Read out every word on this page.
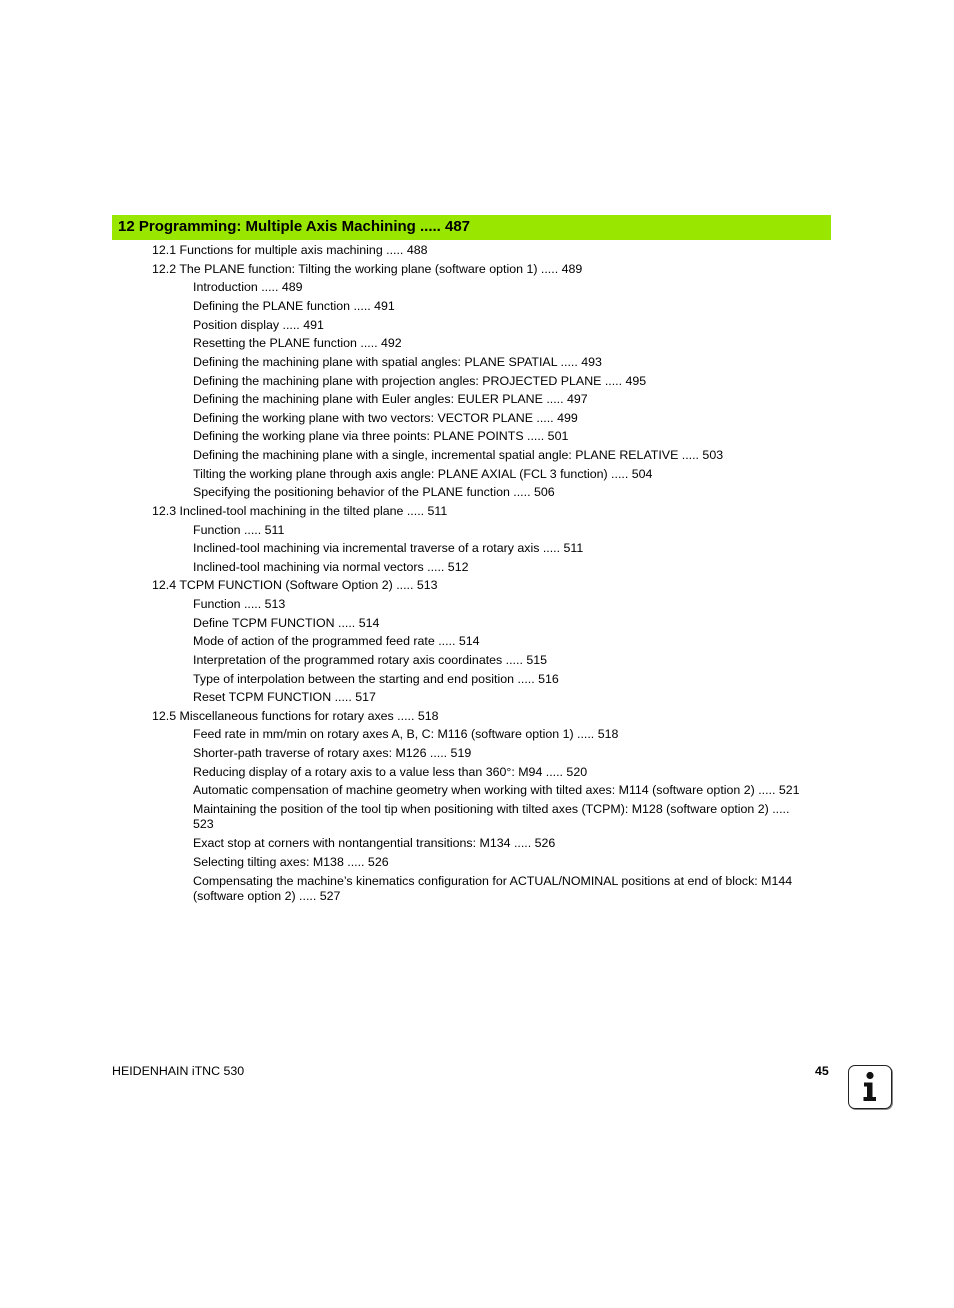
12 Programming: Multiple Axis Machining ..... 487
12.1 Functions for multiple axis machining ..... 488
12.2 The PLANE function: Tilting the working plane (software option 1) ..... 489
Introduction ..... 489
Defining the PLANE function ..... 491
Position display ..... 491
Resetting the PLANE function ..... 492
Defining the machining plane with spatial angles: PLANE SPATIAL ..... 493
Defining the machining plane with projection angles: PROJECTED PLANE ..... 495
Defining the machining plane with Euler angles: EULER PLANE ..... 497
Defining the working plane with two vectors: VECTOR PLANE ..... 499
Defining the working plane via three points: PLANE POINTS ..... 501
Defining the machining plane with a single, incremental spatial angle: PLANE RELATIVE ..... 503
Tilting the working plane through axis angle: PLANE AXIAL (FCL 3 function) ..... 504
Specifying the positioning behavior of the PLANE function ..... 506
12.3 Inclined-tool machining in the tilted plane ..... 511
Function ..... 511
Inclined-tool machining via incremental traverse of a rotary axis ..... 511
Inclined-tool machining via normal vectors ..... 512
12.4 TCPM FUNCTION (Software Option 2) ..... 513
Function ..... 513
Define TCPM FUNCTION ..... 514
Mode of action of the programmed feed rate ..... 514
Interpretation of the programmed rotary axis coordinates ..... 515
Type of interpolation between the starting and end position ..... 516
Reset TCPM FUNCTION ..... 517
12.5 Miscellaneous functions for rotary axes ..... 518
Feed rate in mm/min on rotary axes A, B, C: M116 (software option 1) ..... 518
Shorter-path traverse of rotary axes: M126 ..... 519
Reducing display of a rotary axis to a value less than 360°: M94 ..... 520
Automatic compensation of machine geometry when working with tilted axes: M114 (software option 2) ..... 521
Maintaining the position of the tool tip when positioning with tilted axes (TCPM): M128 (software option 2) ..... 523
Exact stop at corners with nontangential transitions: M134 ..... 526
Selecting tilting axes: M138 ..... 526
Compensating the machine’s kinematics configuration for ACTUAL/NOMINAL positions at end of block: M144 (software option 2) ..... 527
HEIDENHAIN iTNC 530	45
